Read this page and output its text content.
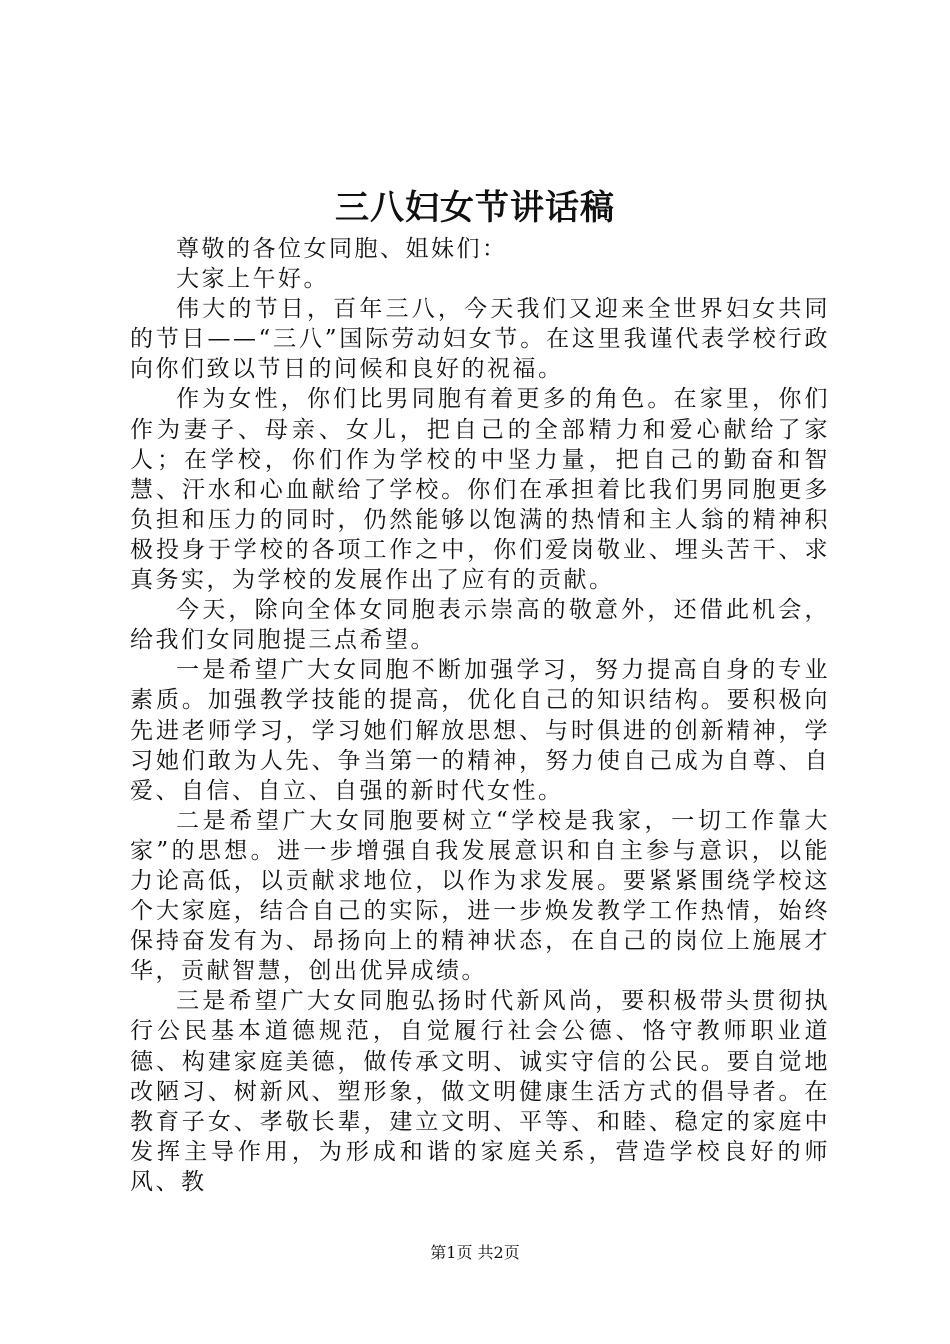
三八妇女节讲话稿

尊敬的各位女同胞、姐妹们：

大家上午好。

伟大的节日，百年三八，今天我们又迎来全世界妇女共同的节日——“三八”国际劳动妇女节。在这里我谨代表学校行政向你们致以节日的问候和良好的祝福。

作为女性，你们比男同胞有着更多的角色。在家里，你们作为妻子、母亲、女儿，把自己的全部精力和爱心献给了家人；在学校，你们作为学校的中坚力量，把自己的勤奋和智慧、汗水和心血献给了学校。你们在承担着比我们男同胞更多负担和压力的同时，仍然能够以饱满的热情和主人翁的精神积极投身于学校的各项工作之中，你们爱岗敬业、埋头苦干、求真务实，为学校的发展作出了应有的贡献。

今天，除向全体女同胞表示崇高的敬意外，还借此机会，给我们女同胞提三点希望。

一是希望广大女同胞不断加强学习，努力提高自身的专业素质。加强教学技能的提高，优化自己的知识结构。要积极向先进老师学习，学习她们解放思想、与时俱进的创新精神，学习她们敢为人先、争当第一的精神，努力使自己成为自尊、自爱、自信、自立、自强的新时代女性。

二是希望广大女同胞要树立“学校是我家，一切工作靠大家”的思想。进一步增强自我发展意识和自主参与意识，以能力论高低，以贡献求地位，以作为求发展。要紧紧围绕学校这个大家庭，结合自己的实际，进一步焕发教学工作热情，始终保持奋发有为、昂扬向上的精神状态，在自己的岗位上施展才华，贡献智慧，创出优异成绩。

三是希望广大女同胞弘扬时代新风尚，要积极带头贯彻执行公民基本道德规范，自觉履行社会公德、恪守教师职业道德、构建家庭美德，做传承文明、诚实守信的公民。要自觉地改陋习、树新风、塑形象，做文明健康生活方式的倡导者。在教育子女、孝敬长辈，建立文明、平等、和睦、稳定的家庭中发挥主导作用，为形成和谐的家庭关系，营造学校良好的师风、教

第1页 共2页
